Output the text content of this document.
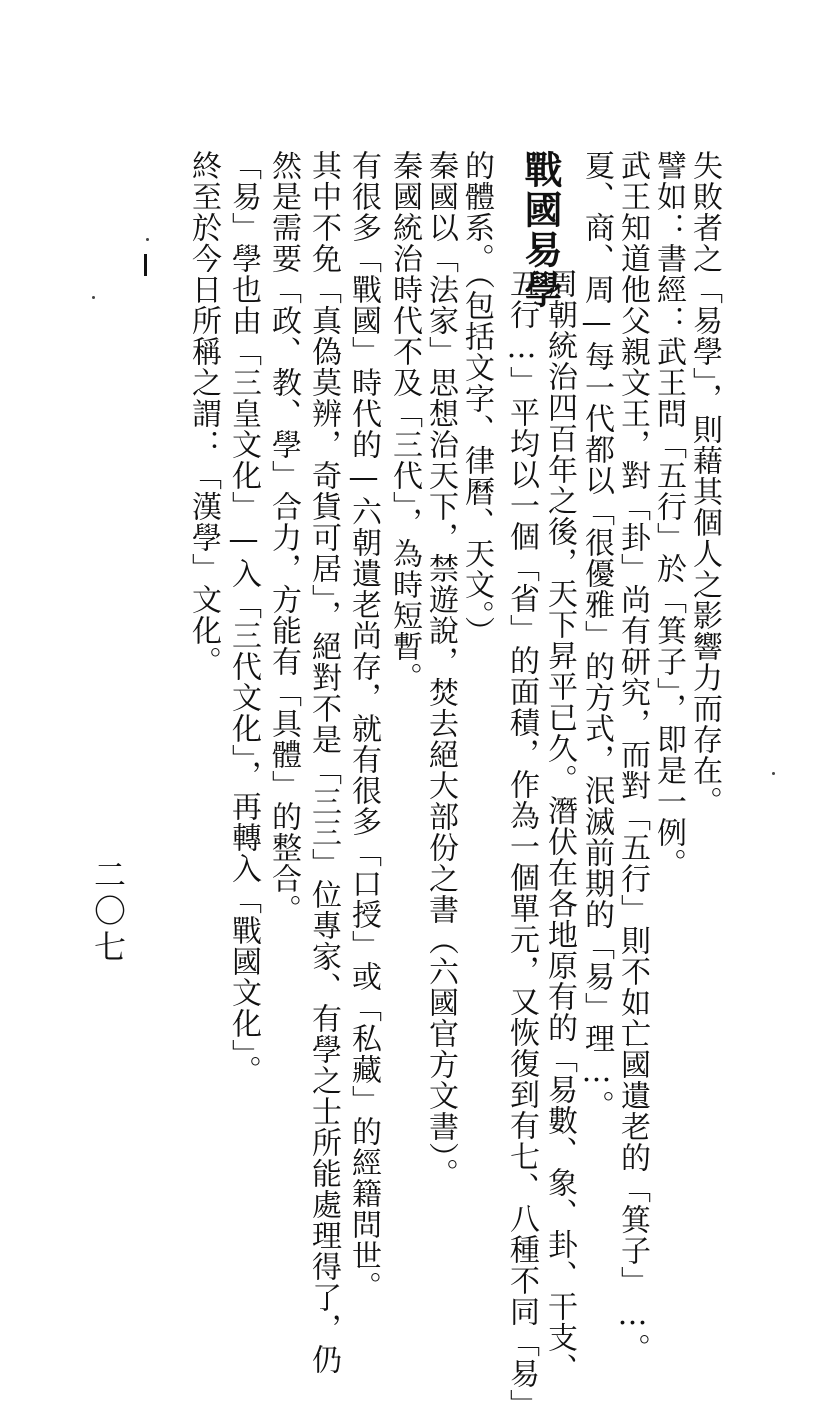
失敗者之「易學」，則藉其個人之影響力而存在。

譬如：書經：武王問「五行」於「箕子」，即是一例。

武王知道他父親文王，對「卦」尚有研究，而對「五行」則不如亡國遺老的「箕子」…。

夏、商、周—每一代都以「很優雅」的方式，泯滅前期的「易」理…。

戰國易學

周朝統治四百年之後，天下昇平已久。潛伏在各地原有的「易數、象、卦、干支、

五行…」平均以一個「省」的面積，作為一個單元，又恢復到有七、八種不同「易」

的體系。（包括文字、律曆、天文。）

秦國以「法家」思想治天下，禁遊說，焚去絕大部份之書（六國官方文書）。

秦國統治時代不及「三代」，為時短暫。

有很多「戰國」時代的—六朝遺老尚存，就有很多「口授」或「私藏」的經籍問世。

其中不免「真偽莫辨，奇貨可居」，絕對不是「三三」位專家、有學之士所能處理得了，仍

然是需要「政、教、學」合力，方能有「具體」的整合。

「易」學也由「三皇文化」—入「三代文化」，再轉入「戰國文化」。

終至於今日所稱之謂：「漢學」文化。

二〇七
